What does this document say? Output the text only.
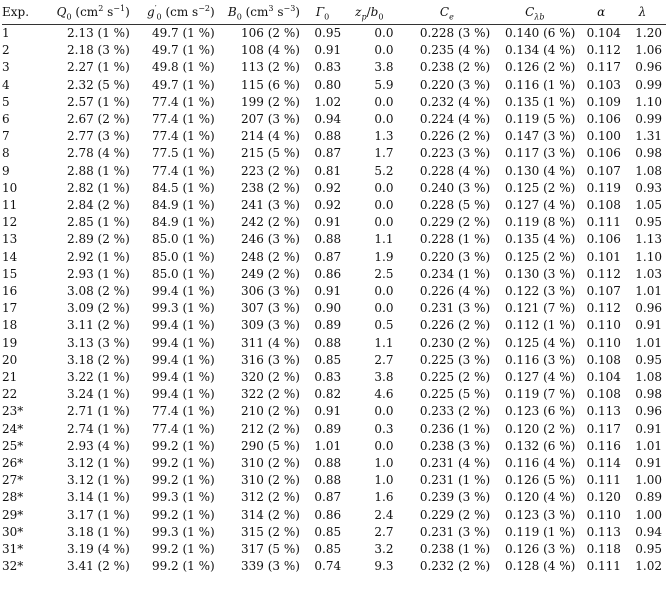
Exp.	$Q_0$ ($cm^2$ $s^{-1}$)	$g'_0$ (cm $s^{-2}$)	$B_0$ ($cm^3$ $s^{-3}$)	$\Gamma_0$	$z_p/b_0$	$C_e$	$C_{\lambda b}$	α	λ
1	2.13 (1 %)	49.7 (1 %)	106 (2 %)	0.95	0.0	0.228 (3 %)	0.140 (6 %)	0.104	1.20
2	2.18 (3 %)	49.7 (1 %)	108 (4 %)	0.91	0.0	0.235 (4 %)	0.134 (4 %)	0.112	1.06
3	2.27 (1 %)	49.8 (1 %)	113 (2 %)	0.83	3.8	0.238 (2 %)	0.126 (2 %)	0.117	0.96
4	2.32 (5 %)	49.7 (1 %)	115 (6 %)	0.80	5.9	0.220 (3 %)	0.116 (1 %)	0.103	0.99
5	2.57 (1 %)	77.4 (1 %)	199 (2 %)	1.02	0.0	0.232 (4 %)	0.135 (1 %)	0.109	1.10
6	2.67 (2 %)	77.4 (1 %)	207 (3 %)	0.94	0.0	0.224 (4 %)	0.119 (5 %)	0.106	0.99
7	2.77 (3 %)	77.4 (1 %)	214 (4 %)	0.88	1.3	0.226 (2 %)	0.147 (3 %)	0.100	1.31
8	2.78 (4 %)	77.5 (1 %)	215 (5 %)	0.87	1.7	0.223 (3 %)	0.117 (3 %)	0.106	0.98
9	2.88 (1 %)	77.4 (1 %)	223 (2 %)	0.81	5.2	0.228 (4 %)	0.130 (4 %)	0.107	1.08
10	2.82 (1 %)	84.5 (1 %)	238 (2 %)	0.92	0.0	0.240 (3 %)	0.125 (2 %)	0.119	0.93
11	2.84 (2 %)	84.9 (1 %)	241 (3 %)	0.92	0.0	0.228 (5 %)	0.127 (4 %)	0.108	1.05
12	2.85 (1 %)	84.9 (1 %)	242 (2 %)	0.91	0.0	0.229 (2 %)	0.119 (8 %)	0.111	0.95
13	2.89 (2 %)	85.0 (1 %)	246 (3 %)	0.88	1.1	0.228 (1 %)	0.135 (4 %)	0.106	1.13
14	2.92 (1 %)	85.0 (1 %)	248 (2 %)	0.87	1.9	0.220 (3 %)	0.125 (2 %)	0.101	1.10
15	2.93 (1 %)	85.0 (1 %)	249 (2 %)	0.86	2.5	0.234 (1 %)	0.130 (3 %)	0.112	1.03
16	3.08 (2 %)	99.4 (1 %)	306 (3 %)	0.91	0.0	0.226 (4 %)	0.122 (3 %)	0.107	1.01
17	3.09 (2 %)	99.3 (1 %)	307 (3 %)	0.90	0.0	0.231 (3 %)	0.121 (7 %)	0.112	0.96
18	3.11 (2 %)	99.4 (1 %)	309 (3 %)	0.89	0.5	0.226 (2 %)	0.112 (1 %)	0.110	0.91
19	3.13 (3 %)	99.4 (1 %)	311 (4 %)	0.88	1.1	0.230 (2 %)	0.125 (4 %)	0.110	1.01
20	3.18 (2 %)	99.4 (1 %)	316 (3 %)	0.85	2.7	0.225 (3 %)	0.116 (3 %)	0.108	0.95
21	3.22 (1 %)	99.4 (1 %)	320 (2 %)	0.83	3.8	0.225 (2 %)	0.127 (4 %)	0.104	1.08
22	3.24 (1 %)	99.4 (1 %)	322 (2 %)	0.82	4.6	0.225 (5 %)	0.119 (7 %)	0.108	0.98
23*	2.71 (1 %)	77.4 (1 %)	210 (2 %)	0.91	0.0	0.233 (2 %)	0.123 (6 %)	0.113	0.96
24*	2.74 (1 %)	77.4 (1 %)	212 (2 %)	0.89	0.3	0.236 (1 %)	0.120 (2 %)	0.117	0.91
25*	2.93 (4 %)	99.2 (1 %)	290 (5 %)	1.01	0.0	0.238 (3 %)	0.132 (6 %)	0.116	1.01
26*	3.12 (1 %)	99.2 (1 %)	310 (2 %)	0.88	1.0	0.231 (4 %)	0.116 (4 %)	0.114	0.91
27*	3.12 (1 %)	99.2 (1 %)	310 (2 %)	0.88	1.0	0.231 (1 %)	0.126 (5 %)	0.111	1.00
28*	3.14 (1 %)	99.3 (1 %)	312 (2 %)	0.87	1.6	0.239 (3 %)	0.120 (4 %)	0.120	0.89
29*	3.17 (1 %)	99.2 (1 %)	314 (2 %)	0.86	2.4	0.229 (2 %)	0.123 (3 %)	0.110	1.00
30*	3.18 (1 %)	99.3 (1 %)	315 (2 %)	0.85	2.7	0.231 (3 %)	0.119 (1 %)	0.113	0.94
31*	3.19 (4 %)	99.2 (1 %)	317 (5 %)	0.85	3.2	0.238 (1 %)	0.126 (3 %)	0.118	0.95
32*	3.41 (2 %)	99.2 (1 %)	339 (3 %)	0.74	9.3	0.232 (2 %)	0.128 (4 %)	0.111	1.02
